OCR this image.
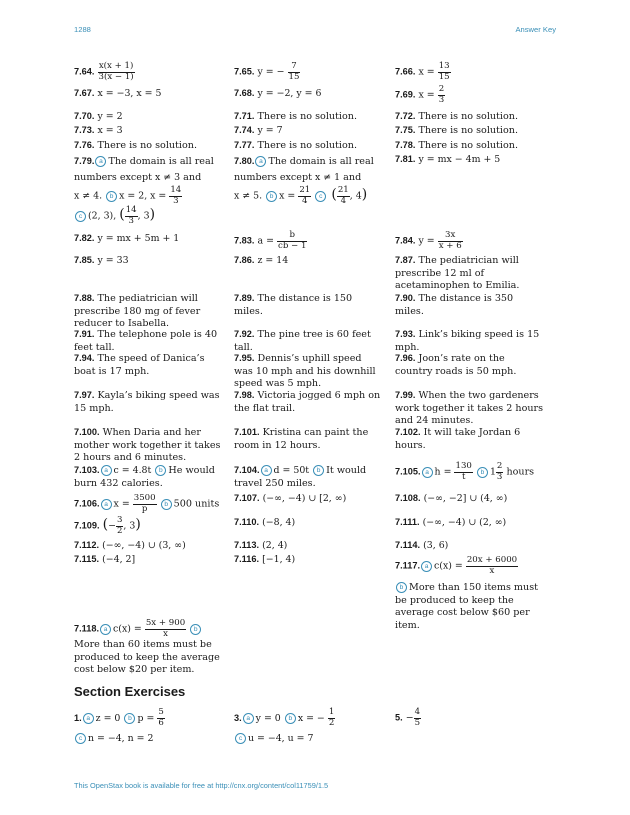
1288	Answer Key
7.64. $\frac{x(x + 1)}{3(x - 1)}$	7.65. y = − $\frac{7}{15}$	7.66. $x = \frac{13}{15}$
7.67. x = −3, x = 5	7.68. y = −2, y = 6	7.69. $x = \frac{2}{3}$
7.70. y = 2	7.71. There is no solution.	7.72. There is no solution.
7.73. x = 3	7.74. y = 7	7.75. There is no solution.
7.76. There is no solution.	7.77. There is no solution.	7.78. There is no solution.
7.79. a The domain is all real numbers except x ≠ 3 and
x ≠ 4. b x = 2, $x = \frac{14}{3}$

c (2, 3), ( $\frac{14}{3}$ , 3)
7.80. a The domain is all real numbers except x ≠ 1 and
x ≠ 5. b $x = \frac{21}{4}$ c ( $\frac{21}{4}$ , 4)
7.81. y = mx − 4m + 5
7.82. y = mx + 5m + 1	7.83. $a = \frac{b}{cb - 1}$	7.84. $y = \frac{3x}{x + 6}$
7.85. y = 33	7.86. z = 14	7.87. The pediatrician will prescribe 12 ml of acetaminophen to Emilia.
7.88. The pediatrician will prescribe 180 mg of fever reducer to Isabella.
7.89. The distance is 150 miles.
7.90. The distance is 350 miles.
7.91. The telephone pole is 40 feet tall.
7.92. The pine tree is 60 feet tall.
7.93. Link’s biking speed is 15 mph.
7.94. The speed of Danica’s boat is 17 mph.
7.95. Dennis’s uphill speed was 10 mph and his downhill speed was 5 mph.
7.96. Joon’s rate on the country roads is 50 mph.
7.97. Kayla’s biking speed was 15 mph.
7.98. Victoria jogged 6 mph on the flat trail.
7.99. When the two gardeners work together it takes 2 hours and 24 minutes.
7.100. When Daria and her mother work together it takes 2 hours and 6 minutes.
7.101. Kristina can paint the room in 12 hours.
7.102. It will take Jordan 6 hours.
7.103. a c = 4.8t b He would burn 432 calories.
7.104. a d = 50t b It would travel 250 miles.
7.105. a $h = \frac{130}{t}$ b $1 \frac{2}{3}$ hours
7.106. a $x = \frac{3500}{p}$ b 500 units
7.107. (−∞, −4) ∪ [2, ∞)	7.108. (−∞, −2] ∪ (4, ∞)
7.109. (− $\frac{3}{2}$ , 3)	7.110. (−8, 4)	7.111. (−∞, −4) ∪ (2, ∞)
7.112. (−∞, −4) ∪ (3, ∞)	7.113. (2, 4)	7.114. (3, 6)
7.115. (−4, 2]	7.116. [−1, 4)
7.117. a $c(x) = \frac{20x + 6000}{x}$
b More than 150 items must be produced to keep the average cost below $60 per item.
7.118. a $c(x) = \frac{5x + 900}{x}$ bMore than 60 items must be produced to keep the average cost below $20 per item.
Section Exercises
1. a z = 0 b $p = \frac{5}{6}$

c n = −4, n = 2
3. a y = 0 b x = − $\frac{1}{2}$

c u = −4, u = 7
5. − $\frac{4}{5}$
This OpenStax book is available for free at http://cnx.org/content/col11759/1.5
